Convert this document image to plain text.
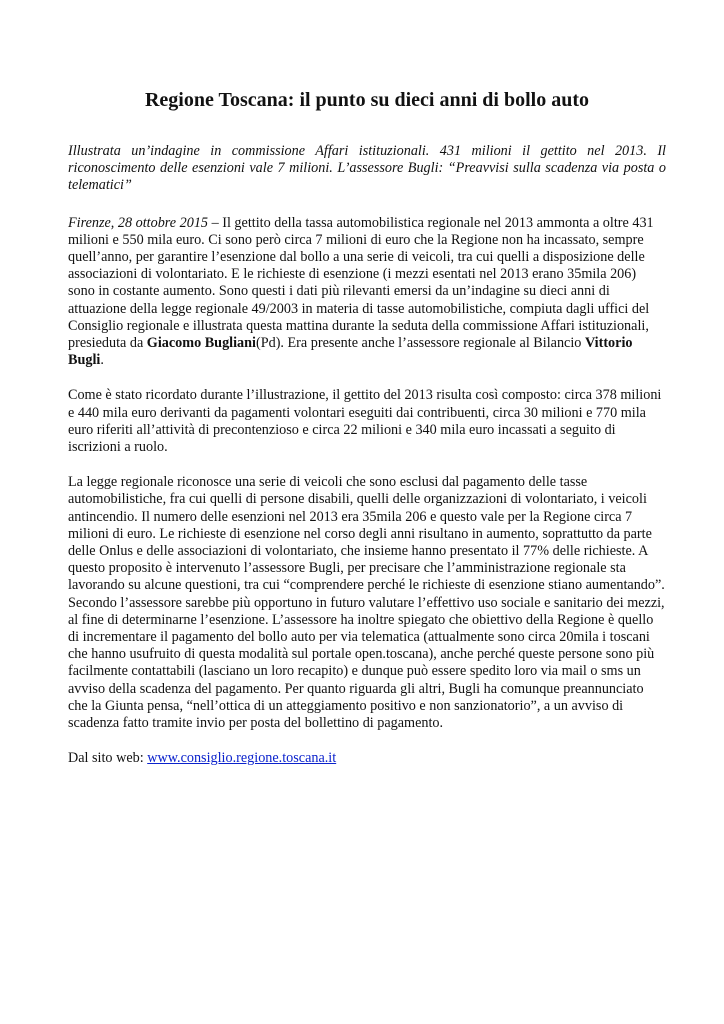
Regione Toscana: il punto su dieci anni di bollo auto

Illustrata un’indagine in commissione Affari istituzionali. 431 milioni il gettito nel 2013. Il riconoscimento delle esenzioni vale 7 milioni. L’assessore Bugli: “Preavvisi sulla scadenza via posta o telematici”

Firenze, 28 ottobre 2015 – Il gettito della tassa automobilistica regionale nel 2013 ammonta a oltre 431 milioni e 550 mila euro. Ci sono però circa 7 milioni di euro che la Regione non ha incassato, sempre quell’anno, per garantire l’esenzione dal bollo a una serie di veicoli, tra cui quelli a disposizione delle associazioni di volontariato. E le richieste di esenzione (i mezzi esentati nel 2013 erano 35mila 206) sono in costante aumento. Sono questi i dati più rilevanti emersi da un’indagine su dieci anni di attuazione della legge regionale 49/2003 in materia di tasse automobilistiche, compiuta dagli uffici del Consiglio regionale e illustrata questa mattina durante la seduta della commissione Affari istituzionali, presieduta da Giacomo Bugliani(Pd). Era presente anche l’assessore regionale al Bilancio Vittorio Bugli.

Come è stato ricordato durante l’illustrazione, il gettito del 2013 risulta così composto: circa 378 milioni e 440 mila euro derivanti da pagamenti volontari eseguiti dai contribuenti, circa 30 milioni e 770 mila euro riferiti all’attività di precontenzioso e circa 22 milioni e 340 mila euro incassati a seguito di iscrizioni a ruolo.

La legge regionale riconosce una serie di veicoli che sono esclusi dal pagamento delle tasse automobilistiche, fra cui quelli di persone disabili, quelli delle organizzazioni di volontariato, i veicoli antincendio. Il numero delle esenzioni nel 2013 era 35mila 206 e questo vale per la Regione circa 7 milioni di euro. Le richieste di esenzione nel corso degli anni risultano in aumento, soprattutto da parte delle Onlus e delle associazioni di volontariato, che insieme hanno presentato il 77% delle richieste. A questo proposito è intervenuto l’assessore Bugli, per precisare che l’amministrazione regionale sta lavorando su alcune questioni, tra cui “comprendere perché le richieste di esenzione stiano aumentando”. Secondo l’assessore sarebbe più opportuno in futuro valutare l’effettivo uso sociale e sanitario dei mezzi, al fine di determinarne l’esenzione. L’assessore ha inoltre spiegato che obiettivo della Regione è quello di incrementare il pagamento del bollo auto per via telematica (attualmente sono circa 20mila i toscani che hanno usufruito di questa modalità sul portale open.toscana), anche perché queste persone sono più facilmente contattabili (lasciano un loro recapito) e dunque può essere spedito loro via mail o sms un avviso della scadenza del pagamento. Per quanto riguarda gli altri, Bugli ha comunque preannunciato che la Giunta pensa, “nell’ottica di un atteggiamento positivo e non sanzionatorio”, a un avviso di scadenza fatto tramite invio per posta del bollettino di pagamento.

Dal sito web: www.consiglio.regione.toscana.it
